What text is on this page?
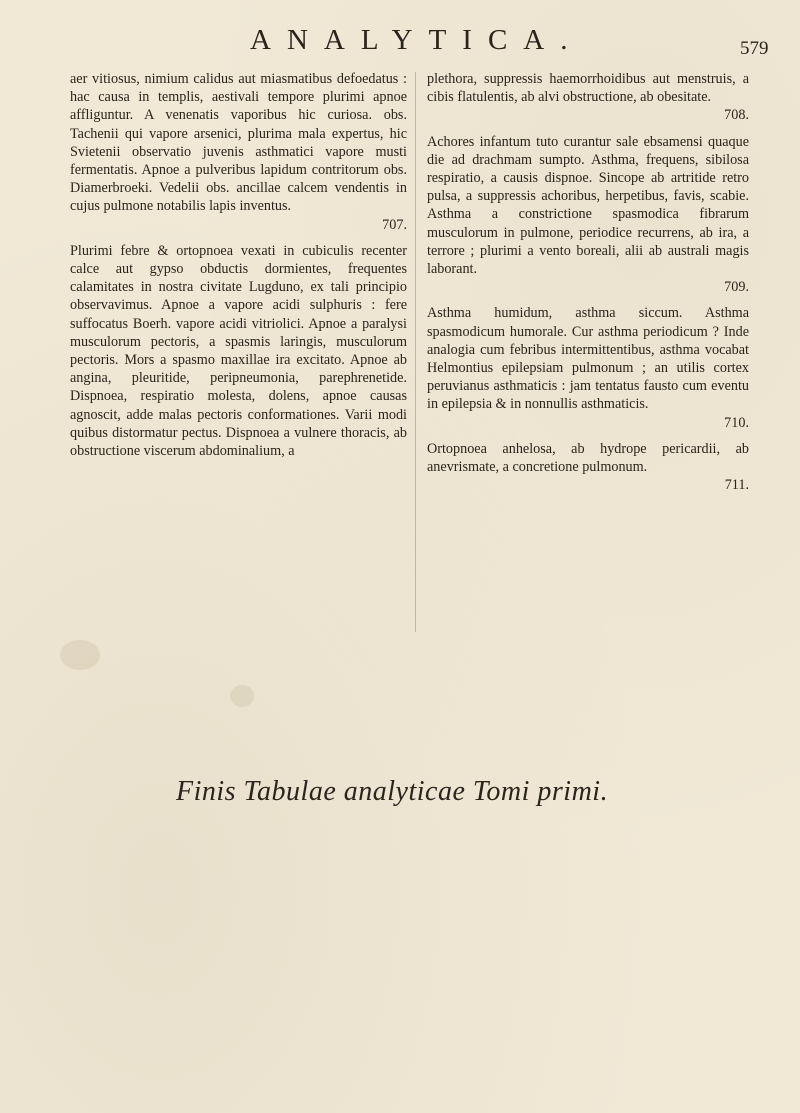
ANALYTICA.	579

aer vitiosus, nimium calidus aut miasmatibus defoedatus : hac causa in templis, aestivali tempore plurimi apnoe affliguntur. A venenatis vaporibus hic curiosa. obs. Tachenii qui vapore arsenici, plurima mala expertus, hic Svietenii observatio juvenis asthmatici vapore musti fermentatis. Apnoe a pulveribus lapidum contritorum obs. Diamerbroeki. Vedelii obs. ancillae calcem vendentis in cujus pulmone notabilis lapis inventus.
707.

Plurimi febre & ortopnoea vexati in cubiculis recenter calce aut gypso obductis dormientes, frequentes calamitates in nostra civitate Lugduno, ex tali principio observavimus. Apnoe a vapore acidi sulphuris : fere suffocatus Boerh. vapore acidi vitriolici. Apnoe a paralysi musculorum pectoris, a spasmis laringis, musculorum pectoris. Mors a spasmo maxillae ira excitato. Apnoe ab angina, pleuritide, peripneumonia, parephrenetide. Dispnoea, respiratio molesta, dolens, apnoe causas agnoscit, adde malas pectoris conformationes. Varii modi quibus distormatur pectus. Dispnoea a vulnere thoracis, ab obstructione viscerum abdominalium, a

plethora, suppressis haemorrhoidibus aut menstruis, a cibis flatulentis, ab alvi obstructione, ab obesitate.
708.

Achores infantum tuto curantur sale ebsamensi quaque die ad drachmam sumpto. Asthma, frequens, sibilosa respiratio, a causis dispnoe. Sincope ab artritide retro pulsa, a suppressis achoribus, herpetibus, favis, scabie. Asthma a constrictione spasmodica fibrarum musculorum in pulmone, periodice recurrens, ab ira, a terrore ; plurimi a vento boreali, alii ab australi magis laborant.
709.

Asthma humidum, asthma siccum. Asthma spasmodicum humorale. Cur asthma periodicum ? Inde analogia cum febribus intermittentibus, asthma vocabat Helmontius epilepsiam pulmonum ; an utilis cortex peruvianus asthmaticis : jam tentatus fausto cum eventu in epilepsia & in nonnullis asthmaticis.
710.

Ortopnoea anhelosa, ab hydrope pericardii, ab anevrismate, a concretione pulmonum.
711.

Finis Tabulae analyticae Tomi primi.
